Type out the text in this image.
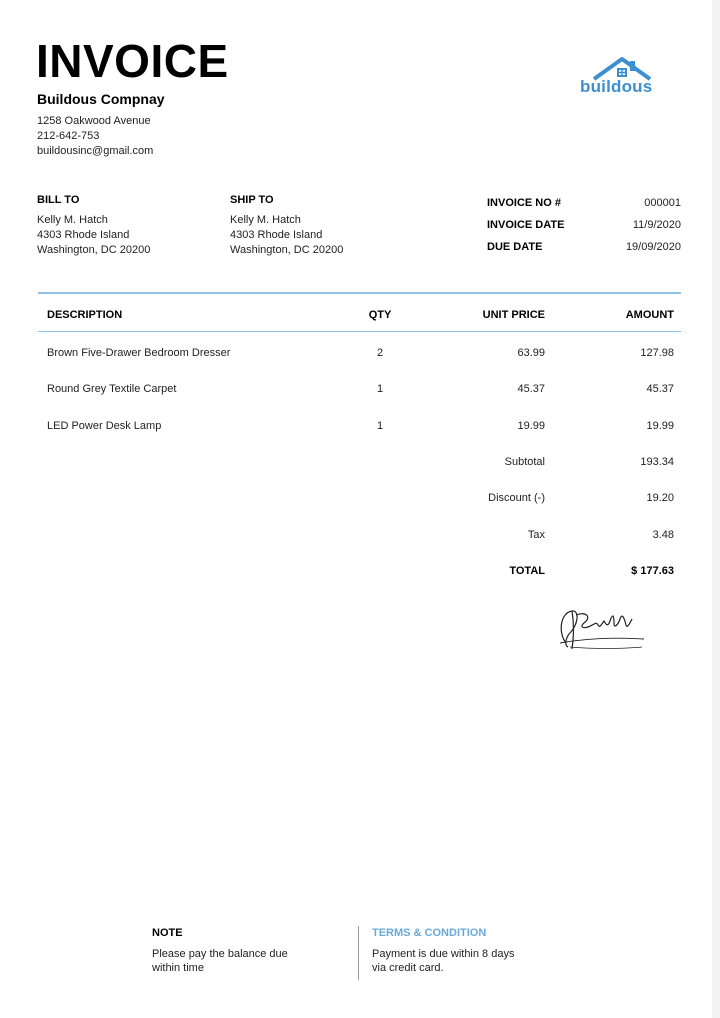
INVOICE
Buildous Compnay
1258 Oakwood Avenue
212-642-753
buildousinc@gmail.com
buildous
BILL TO
Kelly M. Hatch
4303 Rhode Island
Washington, DC 20200
SHIP TO
Kelly M. Hatch
4303 Rhode Island
Washington, DC 20200
INVOICE NO #	000001
INVOICE DATE	11/9/2020
DUE DATE	19/09/2020
DESCRIPTION	QTY	UNIT PRICE	AMOUNT
Brown Five-Drawer Bedroom Dresser	2	63.99	127.98
Round Grey Textile Carpet	1	45.37	45.37
LED Power Desk Lamp	1	19.99	19.99
Subtotal	193.34
Discount (-)	19.20
Tax	3.48
TOTAL	$ 177.63
NOTE
Please pay the balance due
within time
TERMS & CONDITION
Payment is due within 8 days
via credit card.
